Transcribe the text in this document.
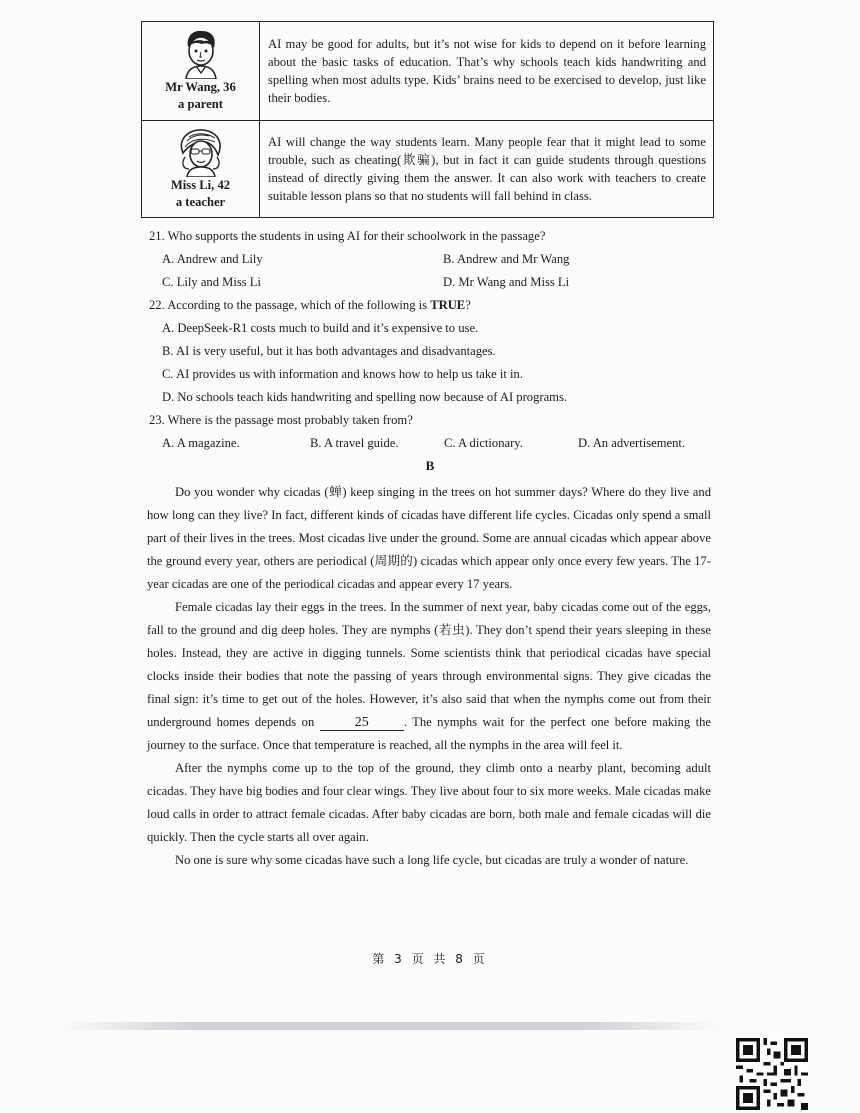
Mr Wang, 36
a parent	AI may be good for adults, but it’s not wise for kids to depend on it before learning about the basic tasks of education. That’s why schools teach kids handwriting and spelling when most adults type. Kids’ brains need to be exercised to develop, just like their bodies.

Miss Li, 42
a teacher	AI will change the way students learn. Many people fear that it might lead to some trouble, such as cheating(欺骗), but in fact it can guide students through questions instead of directly giving them the answer. It can also work with teachers to create suitable lesson plans so that no students will fall behind in class.
21. Who supports the students in using AI for their schoolwork in the passage?
A. Andrew and Lily	B. Andrew and Mr Wang
C. Lily and Miss Li	D. Mr Wang and Miss Li
22. According to the passage, which of the following is TRUE?
A. DeepSeek-R1 costs much to build and it’s expensive to use.
B. AI is very useful, but it has both advantages and disadvantages.
C. AI provides us with information and knows how to help us take it in.
D. No schools teach kids handwriting and spelling now because of AI programs.
23. Where is the passage most probably taken from?
A. A magazine.	B. A travel guide.	C. A dictionary.	D. An advertisement.
B

Do you wonder why cicadas (蝉) keep singing in the trees on hot summer days? Where do they live and how long can they live? In fact, different kinds of cicadas have different life cycles. Cicadas only spend a small part of their lives in the trees. Most cicadas live under the ground. Some are annual cicadas which appear above the ground every year, others are periodical (周期的) cicadas which appear only once every few years. The 17-year cicadas are one of the periodical cicadas and appear every 17 years.

Female cicadas lay their eggs in the trees. In the summer of next year, baby cicadas come out of the eggs, fall to the ground and dig deep holes. They are nymphs (若虫). They don’t spend their years sleeping in these holes. Instead, they are active in digging tunnels. Some scientists think that periodical cicadas have special clocks inside their bodies that note the passing of years through environmental signs. They give cicadas the final sign: it’s time to get out of the holes. However, it’s also said that when the nymphs come out from their underground homes depends on	25	. The nymphs wait for the perfect one before making the journey to the surface. Once that temperature is reached, all the nymphs in the area will feel it.

After the nymphs come up to the top of the ground, they climb onto a nearby plant, becoming adult cicadas. They have big bodies and four clear wings. They live about four to six more weeks. Male cicadas make loud calls in order to attract female cicadas. After baby cicadas are born, both male and female cicadas will die quickly. Then the cycle starts all over again.

No one is sure why some cicadas have such a long life cycle, but cicadas are truly a wonder of nature.

第 3 页 共 8 页
